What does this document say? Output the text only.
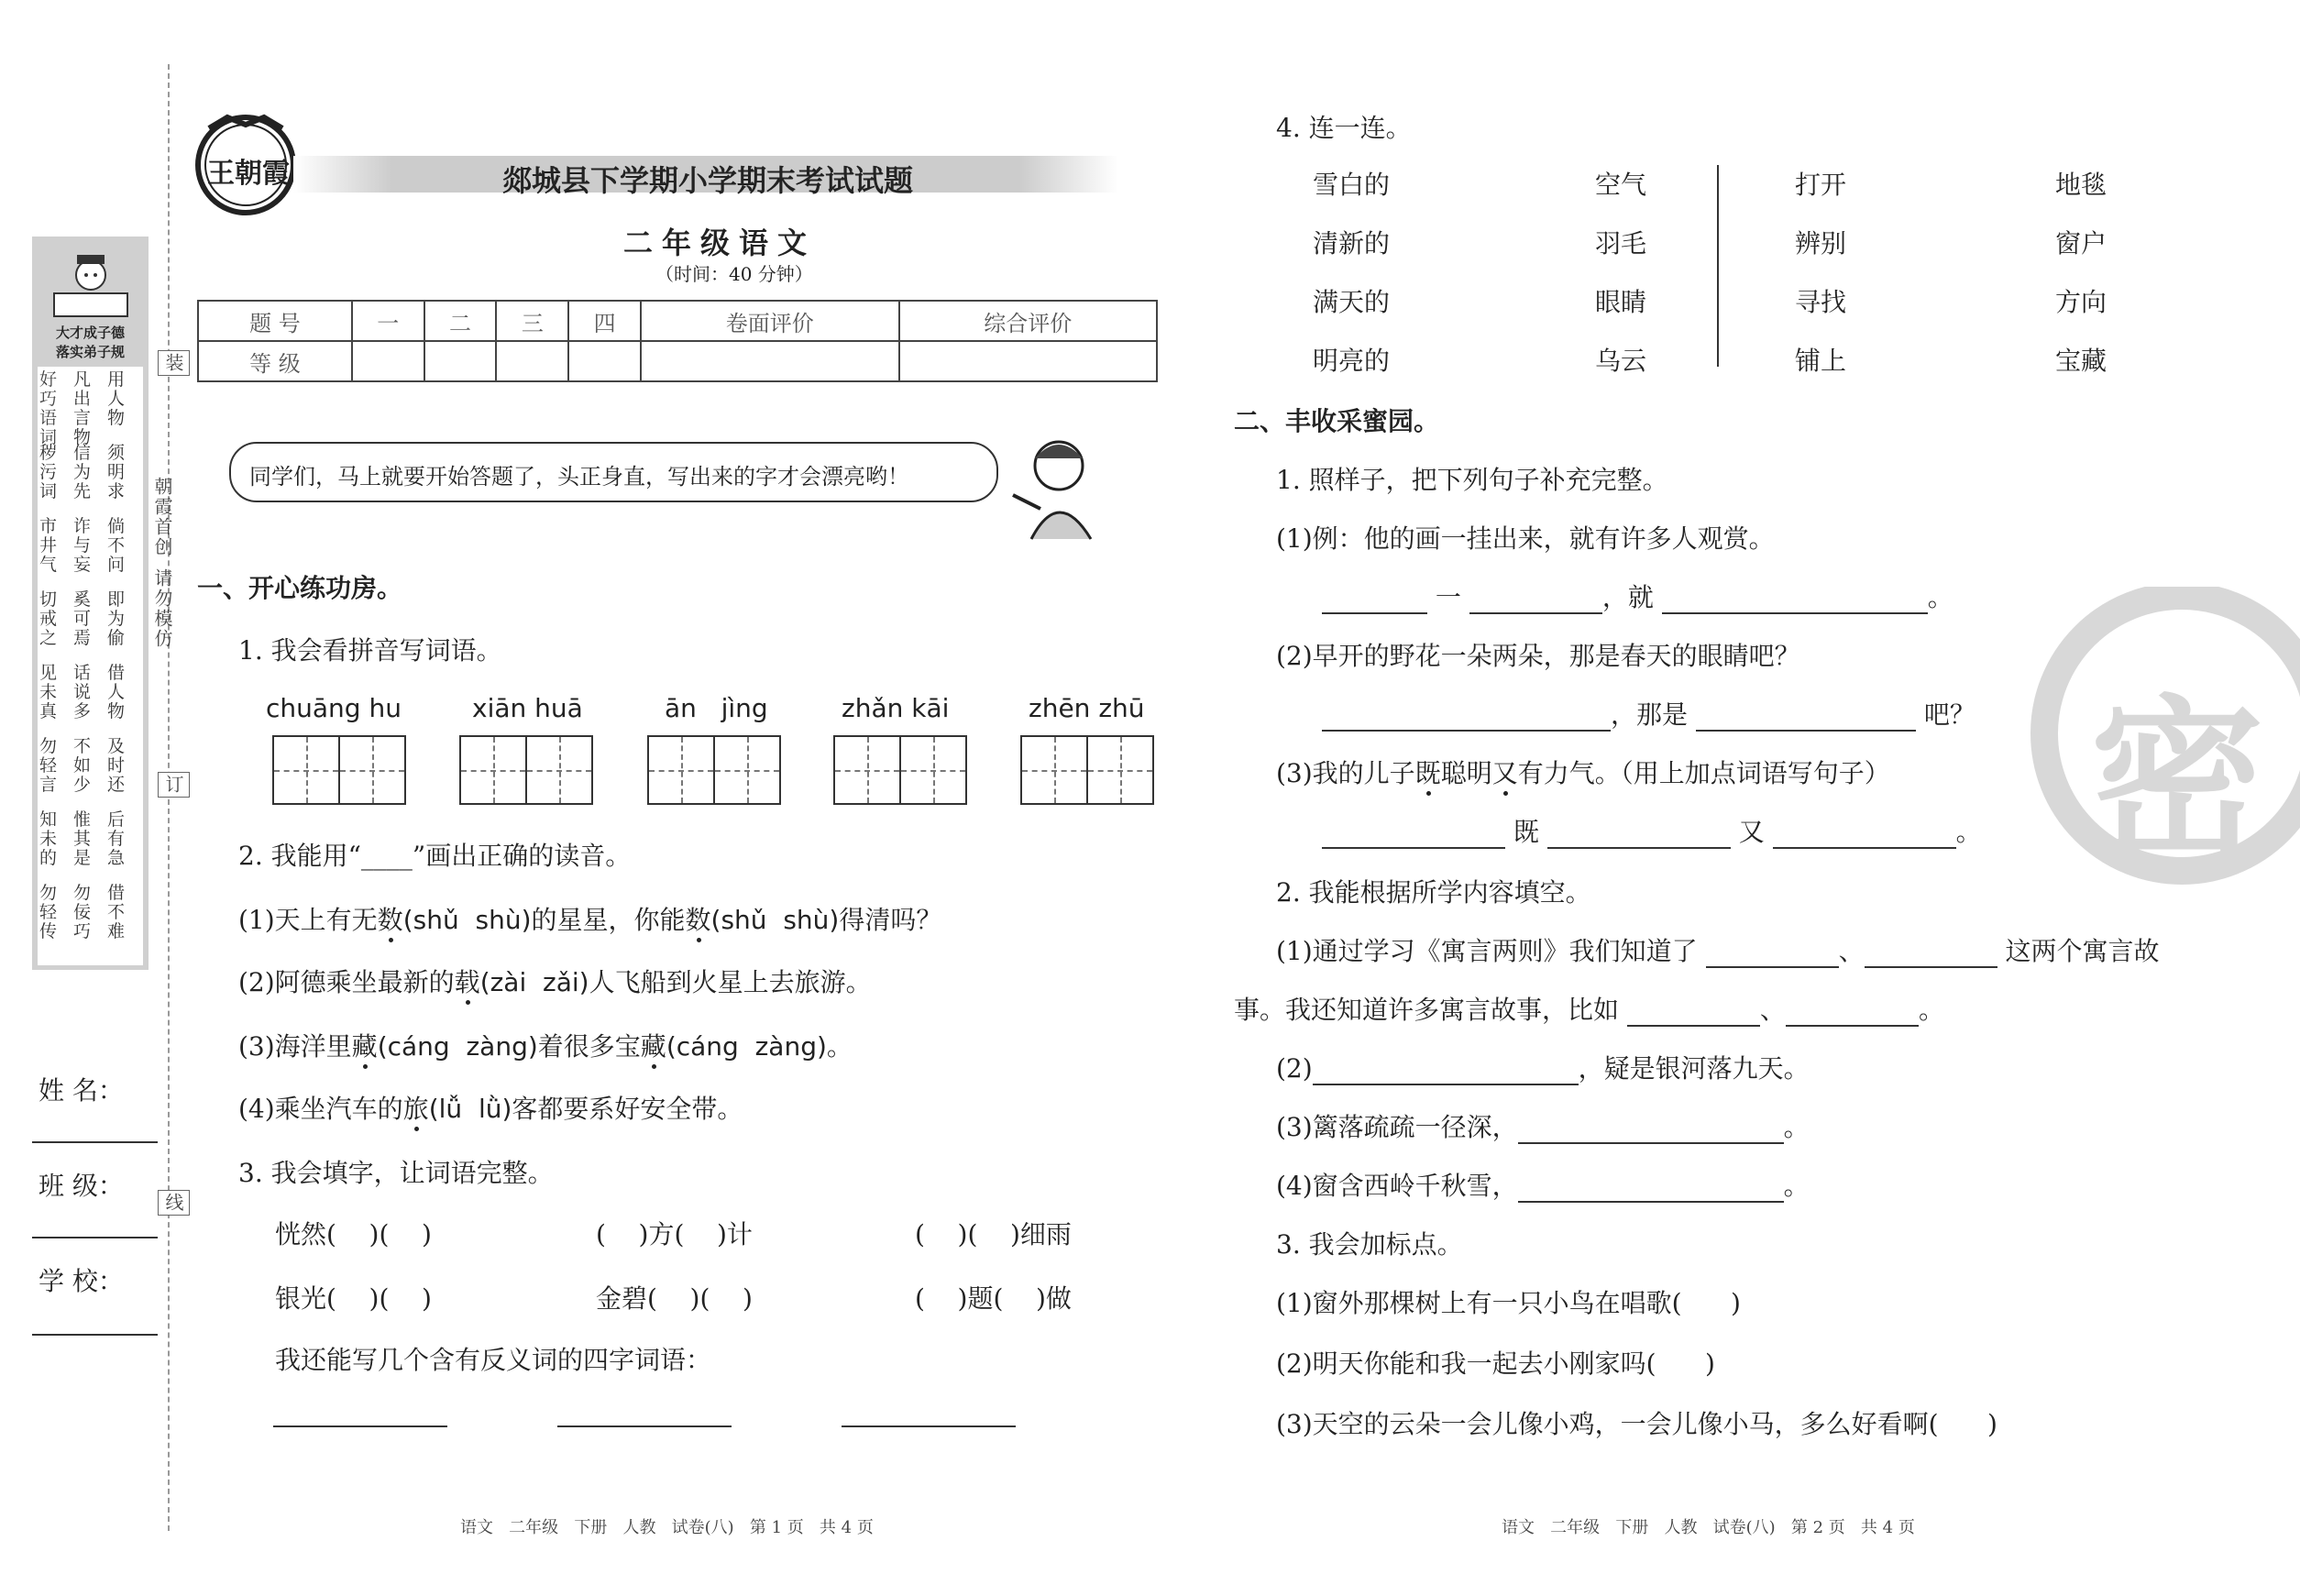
装
订
线
朝霞首创
请勿模仿
大才成子德
落实弟子规
好巧语词
凡出言物
用人物
秽污词
信为先
须明求
市井气
诈与妄
倘不问
切戒之
奚可焉
即为偷
见未真
话说多
借人物
勿轻言
不如少
及时还
知未的
惟其是
后有急
勿轻传
勿佞巧
借不难
姓 名：
班 级：
学 校：
王朝霞	郯城县下学期小学期末考试试题
二年级语文
（时间：40 分钟）
题 号	一	二	三	四	卷面评价	综合评价
等 级						
同学们，马上就要开始答题了，头正身直，写出来的字才会漂亮哟！
一、开心练功房。
1. 我会看拼音写词语。
chuāng hu	xiān huā	ān   jìng	zhǎn kāi	zhēn zhū
2. 我能用“____”画出正确的读音。
(1)天上有无数(shǔ  shù)的星星，你能数(shǔ  shù)得清吗？
(2)阿德乘坐最新的载(zài  zǎi)人飞船到火星上去旅游。
(3)海洋里藏(cáng  zàng)着很多宝藏(cáng  zàng)。
(4)乘坐汽车的旅(lǚ  lǜ)客都要系好安全带。
3. 我会填字，让词语完整。
恍然(    )(    )	(    )方(    )计	(    )(    )细雨
银光(    )(    )	金碧(    )(    )	(    )题(    )做
我还能写几个含有反义词的四字词语：
4. 连一连。
雪白的	空气	打开	地毯
清新的	羽毛	辨别	窗户
满天的	眼睛	寻找	方向
明亮的	乌云	铺上	宝藏
二、丰收采蜜园。
1. 照样子，把下列句子补充完整。
(1)例：他的画一挂出来，就有许多人观赏。
一	，就	。
(2)早开的野花一朵两朵，那是春天的眼睛吧？
，那是	吧？
(3)我的儿子既聪明又有力气。（用上加点词语写句子）
既	又	。
2. 我能根据所学内容填空。
(1)通过学习《寓言两则》我们知道了	、	这两个寓言故
事。我还知道许多寓言故事，比如	、	。
(2)	，疑是银河落九天。
(3)篱落疏疏一径深，	。
(4)窗含西岭千秋雪，	。
3. 我会加标点。
(1)窗外那棵树上有一只小鸟在唱歌(      )
(2)明天你能和我一起去小刚家吗(      )
(3)天空的云朵一会儿像小鸡，一会儿像小马，多么好看啊(      )
密
语文   二年级   下册   人教   试卷(八)   第 1 页   共 4 页	语文   二年级   下册   人教   试卷(八)   第 2 页   共 4 页
